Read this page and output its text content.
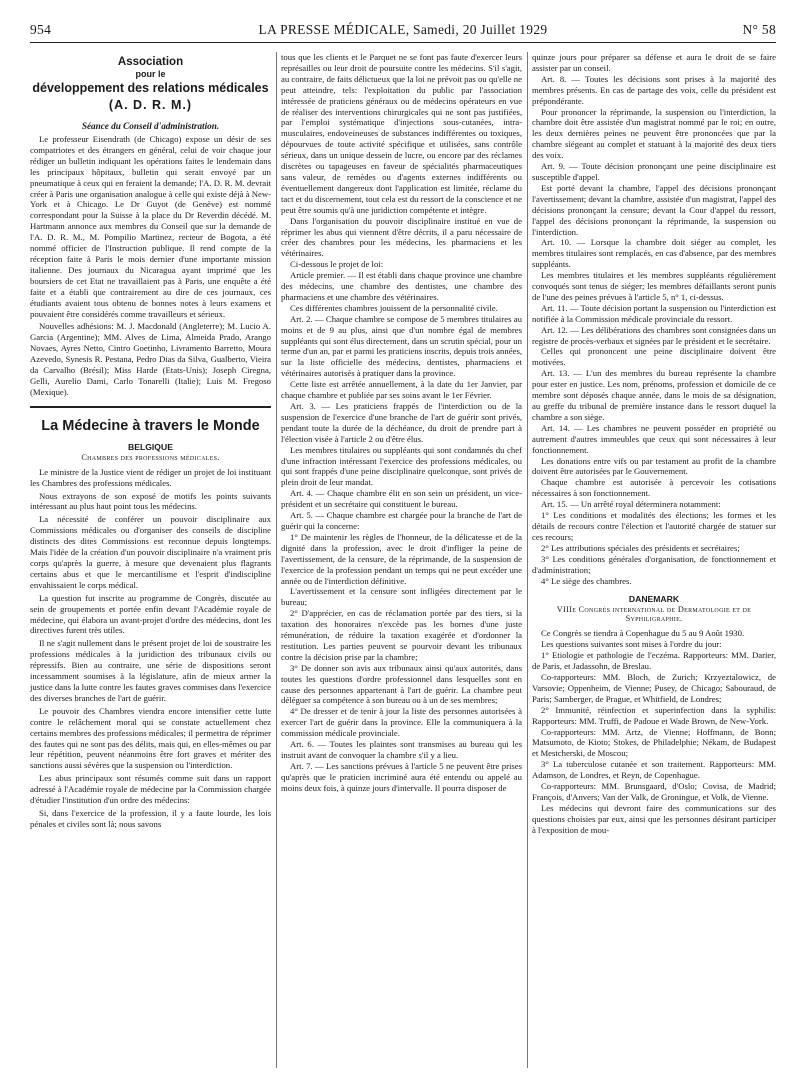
954	LA PRESSE MÉDICALE, Samedi, 20 Juillet 1929	N° 58
Association
pour le
développement des relations médicales
(A. D. R. M.)
Séance du Conseil d'administration.

Le professeur Eisendrath (de Chicago) expose un désir de ses compatriotes et des étrangers en général, celui de voir chaque jour rédiger un bulletin indiquant les opérations faites le lendemain dans les principaux hôpitaux, bulletin qui serait envoyé par un pneumatique à ceux qui en feraient la demande; l'A. D. R. M. devrait créer à Paris une organisation analogue à celle qui existe déjà à New-York et à Chicago. Le Dr Guyot (de Genève) est nommé correspondant pour la Suisse à la place du Dr Reverdin décédé. M. Hartmann annonce aux membres du Conseil que sur la demande de l'A. D. R. M., M. Pompilio Martinez, recteur de Bogota, a été nommé officier de l'Instruction publique. Il rend compte de la réception faite à Paris le mois dernier d'une importante mission italienne. Des journaux du Nicaragua ayant imprimé que les boursiers de cet Etat ne travaillaient pas à Paris, une enquête a été faite et a établi que contrairement au dire de ces journaux, ces étudiants avaient tous obtenu de bonnes notes à leurs examens et pouvaient être considérés comme travailleurs et sérieux.

Nouvelles adhésions: M. J. Macdonald (Angleterre); M. Lucio A. Garcia (Argentine); MM. Alves de Lima, Almeida Prado, Arango Novaes, Ayres Netto, Cintro Goetinho, Livramento Barretto, Moura Azevedo, Synesis R. Pestana, Pedro Dias da Silva, Gualberto, Vieira da Carvalho (Brésil); Miss Harde (Etats-Unis); Joseph Ciregna, Gelli, Aurelio Dami, Carlo Tonarelli (Italie); Luis M. Fregoso (Mexique).

La Médecine à travers le Monde
BELGIQUE
Chambres des professions médicales.

Le ministre de la Justice vient de rédiger un projet de loi instituant les Chambres des professions médicales.

Nous extrayons de son exposé de motifs les points suivants intéressant au plus haut point tous les médecins.

La nécessité de conférer un pouvoir disciplinaire aux Commissions médicales ou d'organiser des conseils de discipline distincts des dites Commissions est reconnue depuis longtemps. Mais l'idée de la création d'un pouvoir disciplinaire n'a vraiment pris corps qu'après la guerre, à mesure que devenaient plus flagrants certains abus et que le mercantilisme et l'esprit d'indiscipline envahissaient le corps médical.

La question fut inscrite au programme de Congrès, discutée au sein de groupements et portée enfin devant l'Académie royale de médecine, qui élabora un avant-projet d'ordre des médecins, dont les directives furent très utiles.

Il ne s'agit nullement dans le présent projet de loi de soustraire les professions médicales à la juridiction des tribunaux civils ou répressifs. Bien au contraire, une série de dispositions seront incessamment soumises à la législature, afin de mieux armer la justice dans la lutte contre les fautes graves commises dans l'exercice des diverses branches de l'art de guérir.

Le pouvoir des Chambres viendra encore intensifier cette lutte contre le relâchement moral qui se constate actuellement chez certains membres des professions médicales; il permettra de réprimer des fautes qui ne sont pas des délits, mais qui, en elles-mêmes ou par leur répétition, peuvent néanmoins être fort graves et mériter des sanctions aussi sévères que la suspension ou l'interdiction.

Les abus principaux sont résumés comme suit dans un rapport adressé à l'Académie royale de médecine par la Commission chargée d'étudier l'institution d'un ordre des médecins:

Si, dans l'exercice de la profession, il y a faute lourde, les lois pénales et civiles sont là; nous savons

tous que les clients et le Parquet ne se font pas faute d'exercer leurs représailles ou leur droit de poursuite contre les médecins. S'il s'agit, au contraire, de faits délictueux que la loi ne prévoit pas ou qu'elle ne peut atteindre, tels: l'exploitation du public par l'association intéressée de praticiens généraux ou de médecins opérateurs en vue de réaliser des interventions chirurgicales qui ne sont pas justifiées, par l'emploi systématique d'injections sous-cutanées, intra-musculaires, endoveineuses de substances indifférentes ou toxiques, dépourvues de toute activité spécifique et utilisées, sans contrôle sérieux, dans un unique dessein de lucre, ou encore par des réclames discrètes ou tapageuses en faveur de spécialités pharmaceutiques sans valeur, de remèdes ou d'agents externes indifférents ou éventuellement dangereux dont l'application est limitée, réclame du tact et du discernement, tout cela est du ressort de la conscience et ne peut être soumis qu'à une juridiction compétente et intègre.

Dans l'organisation du pouvoir disciplinaire institué en vue de réprimer les abus qui viennent d'être décrits, il a paru nécessaire de créer des chambres pour les médecins, les pharmaciens et les vétérinaires.

Ci-dessous le projet de loi:

Article premier. — Il est établi dans chaque province une chambre des médecins, une chambre des dentistes, une chambre des pharmaciens et une chambre des vétérinaires.

Ces différentes chambres jouissent de la personnalité civile.

Art. 2. — Chaque chambre se compose de 5 membres titulaires au moins et de 9 au plus, ainsi que d'un nombre égal de membres suppléants qui sont élus directement, dans un scrutin spécial, pour un terme d'un an, par et parmi les praticiens inscrits, depuis trois années, sur la liste officielle des médecins, dentistes, pharmaciens et vétérinaires autorisés à pratiquer dans la province.

Cette liste est arrêtée annuellement, à la date du 1er Janvier, par chaque chambre et publiée par ses soins avant le 1er Février.

Art. 3. — Les praticiens frappés de l'interdiction ou de la suspension de l'exercice d'une branche de l'art de guérir sont privés, pendant toute la durée de la déchéance, du droit de prendre part à l'élection visée à l'article 2 ou d'être élus.

Les membres titulaires ou suppléants qui sont condamnés du chef d'une infraction intéressant l'exercice des professions médicales, ou qui sont frappés d'une peine disciplinaire quelconque, sont privés de plein droit de leur mandat.

Art. 4. — Chaque chambre élit en son sein un président, un vice-président et un secrétaire qui constituent le bureau.

Art. 5. — Chaque chambre est chargée pour la branche de l'art de guérir qui la concerne:

1° De maintenir les règles de l'honneur, de la délicatesse et de la dignité dans la profession, avec le droit d'infliger la peine de l'avertissement, de la censure, de la réprimande, de la suspension de l'exercice de la profession pendant un temps qui ne peut excéder une année ou de l'interdiction définitive.

L'avertissement et la censure sont infligées directement par le bureau;

2° D'apprécier, en cas de réclamation portée par des tiers, si la taxation des honoraires n'excède pas les bornes d'une juste rémunération, de réduire la taxation exagérée et d'ordonner la restitution. Les parties peuvent se pourvoir devant les tribunaux contre la décision prise par la chambre;

3° De donner son avis aux tribunaux ainsi qu'aux autorités, dans toutes les questions d'ordre professionnel dans lesquelles sont en cause des personnes appartenant à l'art de guérir. La chambre peut déléguer sa compétence à son bureau ou à un de ses membres;

4° De dresser et de tenir à jour la liste des personnes autorisées à exercer l'art de guérir dans la province. Elle la communiquera à la commission médicale provinciale.

Art. 6. — Toutes les plaintes sont transmises au bureau qui les instruit avant de convoquer la chambre s'il y a lieu.

Art. 7. — Les sanctions prévues à l'article 5 ne peuvent être prises qu'après que le praticien incriminé aura été entendu ou appelé au moins deux fois, à quinze jours d'intervalle. Il pourra disposer de

quinze jours pour préparer sa défense et aura le droit de se faire assister par un conseil.

Art. 8. — Toutes les décisions sont prises à la majorité des membres présents. En cas de partage des voix, celle du président est prépondérante.

Pour prononcer la réprimande, la suspension ou l'interdiction, la chambre doit être assistée d'un magistrat nommé par le roi; en outre, les deux dernières peines ne peuvent être prononcées que par la chambre siégeant au complet et statuant à la majorité des deux tiers des voix.

Art. 9. — Toute décision prononçant une peine disciplinaire est susceptible d'appel.

Est porté devant la chambre, l'appel des décisions prononçant l'avertissement; devant la chambre, assistée d'un magistrat, l'appel des décisions prononçant la censure; devant la Cour d'appel du ressort, l'appel des décisions prononçant la réprimande, la suspension ou l'interdiction.

Art. 10. — Lorsque la chambre doit siéger au complet, les membres titulaires sont remplacés, en cas d'absence, par des membres suppléants.

Les membres titulaires et les membres suppléants régulièrement convoqués sont tenus de siéger; les membres défaillants seront punis de l'une des peines prévues à l'article 5, n° 1, ci-dessus.

Art. 11. — Toute décision portant la suspension ou l'interdiction est notifiée à la Commission médicale provinciale du ressort.

Art. 12. — Les délibérations des chambres sont consignées dans un registre de procès-verbaux et signées par le président et le secrétaire.

Celles qui prononcent une peine disciplinaire doivent être motivées.

Art. 13. — L'un des membres du bureau représente la chambre pour ester en justice. Les nom, prénoms, profession et domicile de ce membre sont déposés chaque année, dans le mois de sa désignation, au greffe du tribunal de première instance dans le ressort duquel la chambre a son siège.

Art. 14. — Les chambres ne peuvent posséder en propriété ou autrement d'autres immeubles que ceux qui sont nécessaires à leur fonctionnement.

Les donations entre vifs ou par testament au profit de la chambre doivent être autorisées par le Gouvernement.

Chaque chambre est autorisée à percevoir les cotisations nécessaires à son fonctionnement.

Art. 15. — Un arrêté royal déterminera notamment:

1° Les conditions et modalités des élections; les formes et les détails de recours contre l'élection et l'autorité chargée de statuer sur ces recours;

2° Les attributions spéciales des présidents et secrétaires;

3° Les conditions générales d'organisation, de fonctionnement et d'administration;

4° Le siège des chambres.

DANEMARK
VIIIe Congrès international de Dermatologie et de Syphiligraphie.

Ce Congrès se tiendra à Copenhague du 5 au 9 Août 1930.

Les questions suivantes sont mises à l'ordre du jour:

1° Etiologie et pathologie de l'eczéma. Rapporteurs: MM. Darier, de Paris, et Jadassohn, de Breslau.

Co-rapporteurs: MM. Bloch, de Zurich; Krzyeztalowicz, de Varsovie; Oppenheim, de Vienne; Pusey, de Chicago; Sabouraud, de Paris; Samberger, de Prague, et Whitfield, de Londres;

2° Immunité, réinfection et superinfection dans la syphilis: Rapporteurs: MM. Truffi, de Padoue et Wade Brown, de New-York.

Co-rapporteurs: MM. Artz, de Vienne; Hoffmann, de Bonn; Matsumoto, de Kioto; Stokes, de Philadelphie; Nékam, de Budapest et Mestcherski, de Moscou;

3° La tuberculose cutanée et son traitement. Rapporteurs: MM. Adamson, de Londres, et Reyn, de Copenhague.

Co-rapporteurs: MM. Brunsgaard, d'Oslo; Covisa, de Madrid; François, d'Anvers; Van der Valk, de Groningue, et Volk, de Vienne.

Les médecins qui devront faire des communications sur des questions choisies par eux, ainsi que les personnes désirant participer à l'exposition de mou-
